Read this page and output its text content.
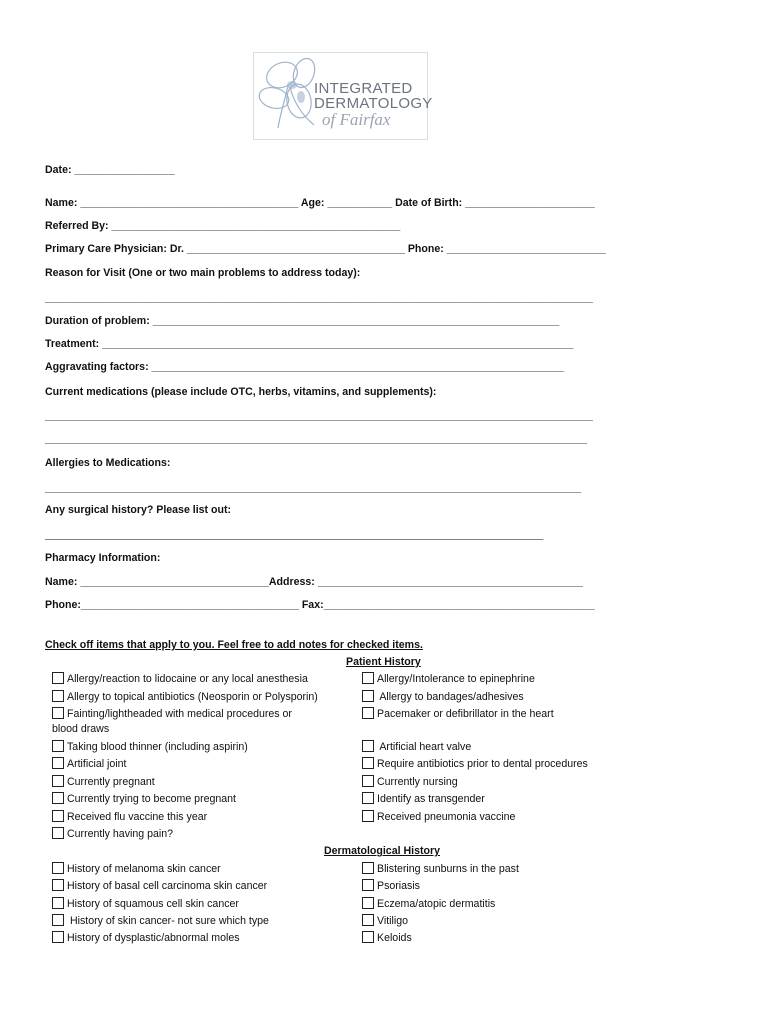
INTEGRATED
DERMATOLOGY
of Fairfax
Date: _________________
Name: _____________________________________ Age: ___________ Date of Birth: ______________________
Referred By: _________________________________________________
Primary Care Physician: Dr. _____________________________________ Phone: ___________________________
Reason for Visit (One or two main problems to address today):
_____________________________________________________________________________________________
Duration of problem: _____________________________________________________________________
Treatment: ________________________________________________________________________________
Aggravating factors: ______________________________________________________________________
Current medications (please include OTC, herbs, vitamins, and supplements):
_____________________________________________________________________________________________
____________________________________________________________________________________________
Allergies to Medications:
___________________________________________________________________________________________
Any surgical history? Please list out:
________________________________________________________________________________________________________________
Pharmacy Information:
Name: ________________________________Address: _____________________________________________
Phone:_____________________________________ Fax:______________________________________________
Check off items that apply to you. Feel free to add notes for checked items.
Patient History
Allergy/reaction to lidocaine or any local anesthesia
Allergy to topical antibiotics (Neosporin or Polysporin)
Fainting/lightheaded with medical procedures or
blood draws
Taking blood thinner (including aspirin)
Artificial joint
Currently pregnant
Currently trying to become pregnant
Received flu vaccine this year
Currently having pain?
Allergy/Intolerance to epinephrine
Allergy to bandages/adhesives
Pacemaker or defibrillator in the heart
Artificial heart valve
Require antibiotics prior to dental procedures
Currently nursing
Identify as transgender
Received pneumonia vaccine
Dermatological History
History of melanoma skin cancer
History of basal cell carcinoma skin cancer
History of squamous cell skin cancer
History of skin cancer- not sure which type
History of dysplastic/abnormal moles
Blistering sunburns in the past
Psoriasis
Eczema/atopic dermatitis
Vitiligo
Keloids
